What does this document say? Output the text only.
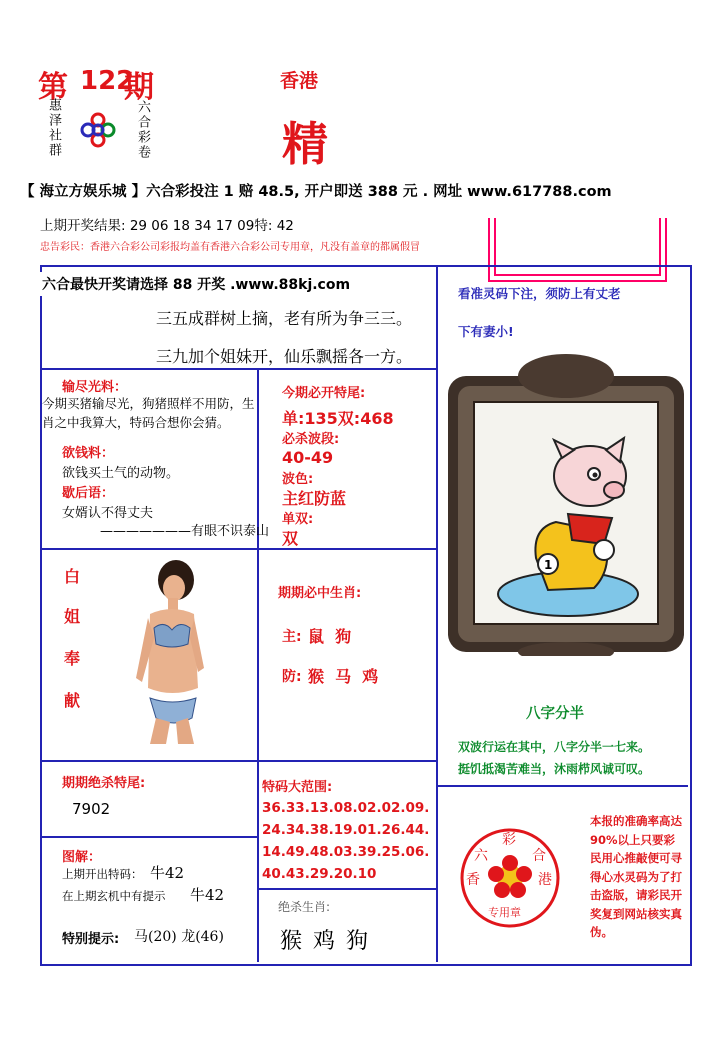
第 122
期
惠泽社群	六合彩卷
香港
精
【 海立方娱乐城 】六合彩投注 1 赔 48.5, 开户即送 388 元 . 网址 www.617788.com
上期开奖结果: 29 06 18 34 17 09特: 42
忠告彩民：香港六合彩公司彩报均盖有香港六合彩公司专用章，凡没有盖章的都属假冒
六合最快开奖请选择 88 开奖 .www.88kj.com
三五成群树上摘，老有所为争三三。
三九加个姐妹开，仙乐飘摇各一方。
输尽光料：
今期买猪输尽光，狗猪照样不用防，生肖之中我算大，特码合想你会猜。
欲钱料：
欲钱买土气的动物。
歇后语：
女婿认不得丈夫
———————有眼不识泰山
白
姐
奉
献
期期绝杀特尾:
7902
图解：
上期开出特码： 牛42
在上期玄机中有提示 牛42
特别提示: 马(20) 龙(46)
今期必开特尾:
单:135双:468
必杀波段:
40-49
波色:
主红防蓝
单双:
双
期期必中生肖:
主: 鼠  狗
防: 猴  马  鸡
特码大范围:
36.33.13.08.02.02.09.
24.34.38.19.01.26.44.
14.49.48.03.39.25.06.
40.43.29.20.10
绝杀生肖:
猴 鸡 狗
看准灵码下注，须防上有丈老
下有妻小!
1
八字分半
双波行运在其中，八字分半一七来。
挺饥抵渴苦难当，沐雨栉风诚可叹。
六
彩
合
香	港
专用章
本报的准确率高达 90%以上只要彩民用心推敲便可寻得心水灵码为了打击盗版，请彩民开奖复到网站核实真伪。
